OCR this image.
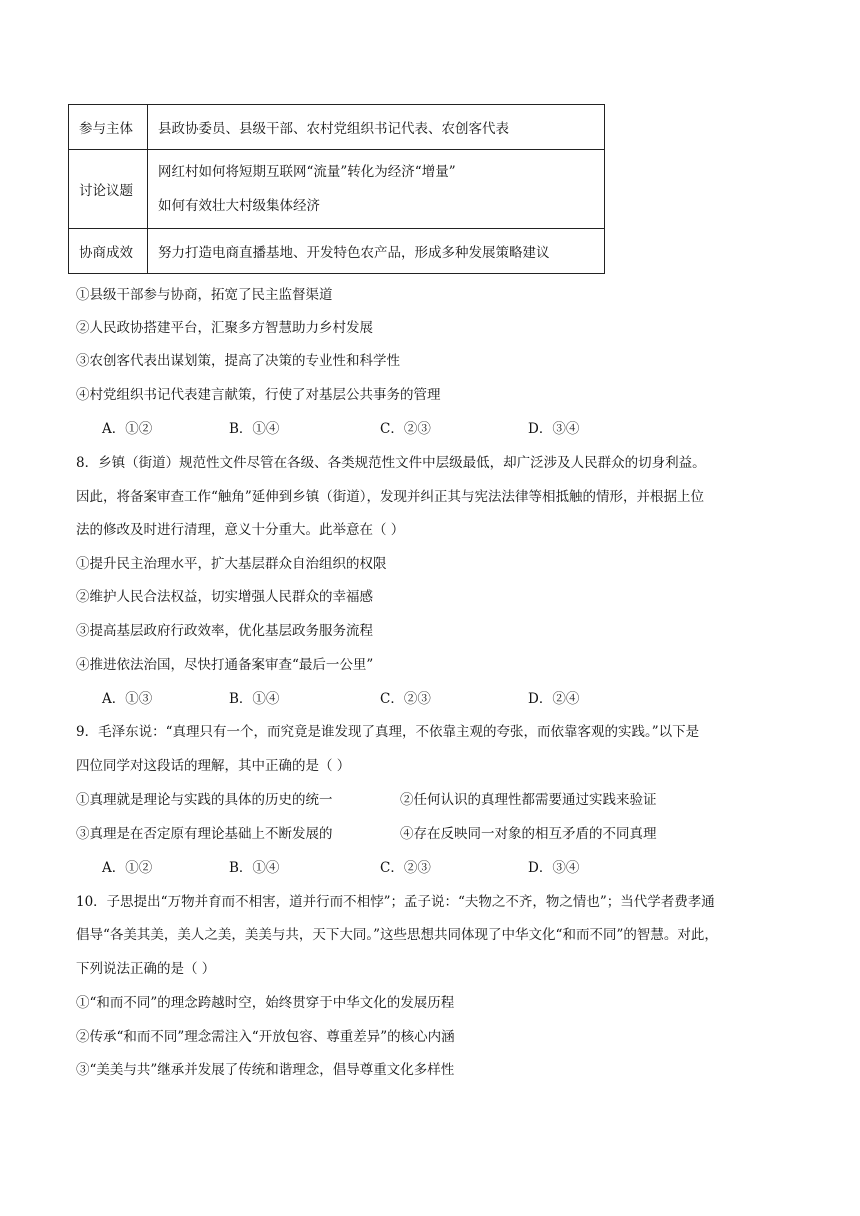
参与主体	县政协委员、县级干部、农村党组织书记代表、农创客代表
讨论议题	网红村如何将短期互联网“流量”转化为经济“增量”
如何有效壮大村级集体经济

协商成效	努力打造电商直播基地、开发特色农产品，形成多种发展策略建议
①县级干部参与协商，拓宽了民主监督渠道
②人民政协搭建平台，汇聚多方智慧助力乡村发展
③农创客代表出谋划策，提高了决策的专业性和科学性
④村党组织书记代表建言献策，行使了对基层公共事务的管理
A．①②	B．①④	C．②③	D．③④
8．乡镇（街道）规范性文件尽管在各级、各类规范性文件中层级最低，却广泛涉及人民群众的切身利益。
因此，将备案审查工作“触角”延伸到乡镇（街道），发现并纠正其与宪法法律等相抵触的情形，并根据上位
法的修改及时进行清理，意义十分重大。此举意在（ ）
①提升民主治理水平，扩大基层群众自治组织的权限
②维护人民合法权益，切实增强人民群众的幸福感
③提高基层政府行政效率，优化基层政务服务流程
④推进依法治国，尽快打通备案审查“最后一公里”
A．①③	B．①④	C．②③	D．②④
9．毛泽东说：“真理只有一个，而究竟是谁发现了真理，不依靠主观的夸张，而依靠客观的实践。”以下是
四位同学对这段话的理解，其中正确的是（ ）
①真理就是理论与实践的具体的历史的统一	②任何认识的真理性都需要通过实践来验证
③真理是在否定原有理论基础上不断发展的	④存在反映同一对象的相互矛盾的不同真理
A．①②	B．①④	C．②③	D．③④
10．子思提出“万物并育而不相害，道并行而不相悖”；孟子说：“夫物之不齐，物之情也”；当代学者费孝通
倡导“各美其美，美人之美，美美与共，天下大同。”这些思想共同体现了中华文化“和而不同”的智慧。对此，
下列说法正确的是（ ）
①“和而不同”的理念跨越时空，始终贯穿于中华文化的发展历程
②传承“和而不同”理念需注入“开放包容、尊重差异”的核心内涵
③“美美与共”继承并发展了传统和谐理念，倡导尊重文化多样性
